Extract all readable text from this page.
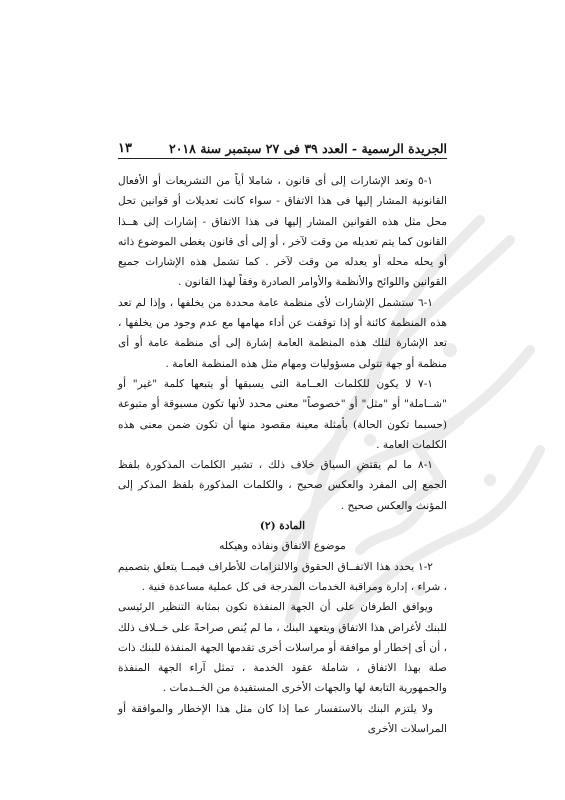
الجريدة الرسمية - العدد ٣٩ فى ٢٧ سبتمبر سنة ٢٠١٨
١٣

١-٥ وتعد الإشارات إلى أى قانون ، شاملا أياً من التشريعات أو الأفعال القانونية المشار إليها فى هذا الاتفاق - سواء كانت تعديلات أو قوانين تحل محل مثل هذه القوانين المشار إليها فى هذا الاتفاق - إشارات إلى هــذا القانون كما يتم تعديله من وقت لآخر ، أو إلى أى قانون يغطى الموضوع ذاته أو يحله محله أو يعدله من وقت لآخر . كما تشمل هذه الإشارات جميع القوانين واللوائح والأنظمة والأوامر الصادرة وفقاً لهذا القانون .

١-٦ ستشمل الإشارات لأى منظمة عامة محددة من يخلفها ، وإذا لم تعد هذه المنظمة كائنة أو إذا توقفت عن أداء مهامها مع عدم وجود من يخلفها ، تعد الإشارة لتلك هذه المنظمة العامة إشارة إلى أى منظمة عامة أو أى منظمة أو جهة تتولى مسؤوليات ومهام مثل هذه المنظمة العامة .

١-٧ لا يكون للكلمات العــامة التى يسبقها أو يتبعها كلمة "غير" أو "شــاملة" أو "مثل" أو "خصوصاً" معنى محدد لأنها تكون مسبوقة أو متبوعة (حسبما تكون الحالة) بأمثلة معينة مقصود منها أن تكون ضمن معنى هذه الكلمات العامة .

١-٨ ما لم يقتضِ السياق خلاف ذلك ، تشير الكلمات المذكورة بلفظ الجمع إلى المفرد والعكس صحيح ، والكلمات المذكورة بلفظ المذكر إلى المؤنث والعكس صحيح .

المادة (٢)

موضوع الاتفاق ونفاذه وهيكله

٢-١ يحدد هذا الاتفــاق الحقوق والالتزامات للأطراف فيمــا يتعلق بتصميم ، شراء ، إدارة ومراقبة الخدمات المدرجة فى كل عملية مساعدة فنية .

ويوافق الطرفان على أن الجهة المنفذة تكون بمثابة التنظير الرئيسى للبنك لأغراض هذا الاتفاق ويتعهد البنك ، ما لم يُنص صراحةً على خــلاف ذلك ، أن أى إخطار أو موافقة أو مراسلات أخرى تقدمها الجهة المنفذة للبنك ذات صلة بهذا الاتفاق ، شاملة عقود الخدمة ، تمثل آراء الجهة المنفذة والجمهورية التابعة لها والجهات الأخرى المستفيدة من الخــدمات .

ولا يلتزم البنك بالاستفسار عما إذا كان مثل هذا الإخطار والموافقة أو المراسلات الأخرى
